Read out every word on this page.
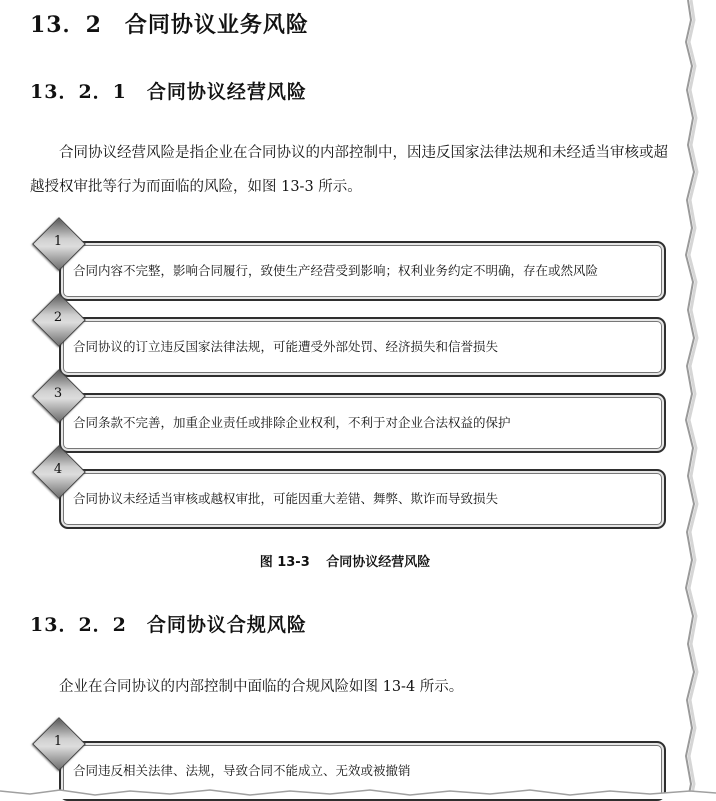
13．2　合同协议业务风险
13．2．1　合同协议经营风险
合同协议经营风险是指企业在合同协议的内部控制中，因违反国家法律法规和未经适当审核或超越授权审批等行为而面临的风险，如图 13-3 所示。
合同内容不完整，影响合同履行，致使生产经营受到影响；权利业务约定不明确，存在或然风险
1
合同协议的订立违反国家法律法规，可能遭受外部处罚、经济损失和信誉损失
2
合同条款不完善，加重企业责任或排除企业权利，不利于对企业合法权益的保护
3
合同协议未经适当审核或越权审批，可能因重大差错、舞弊、欺诈而导致损失
4
图 13-3 合同协议经营风险
13．2．2　合同协议合规风险
企业在合同协议的内部控制中面临的合规风险如图 13-4 所示。
合同违反相关法律、法规，导致合同不能成立、无效或被撤销
1
